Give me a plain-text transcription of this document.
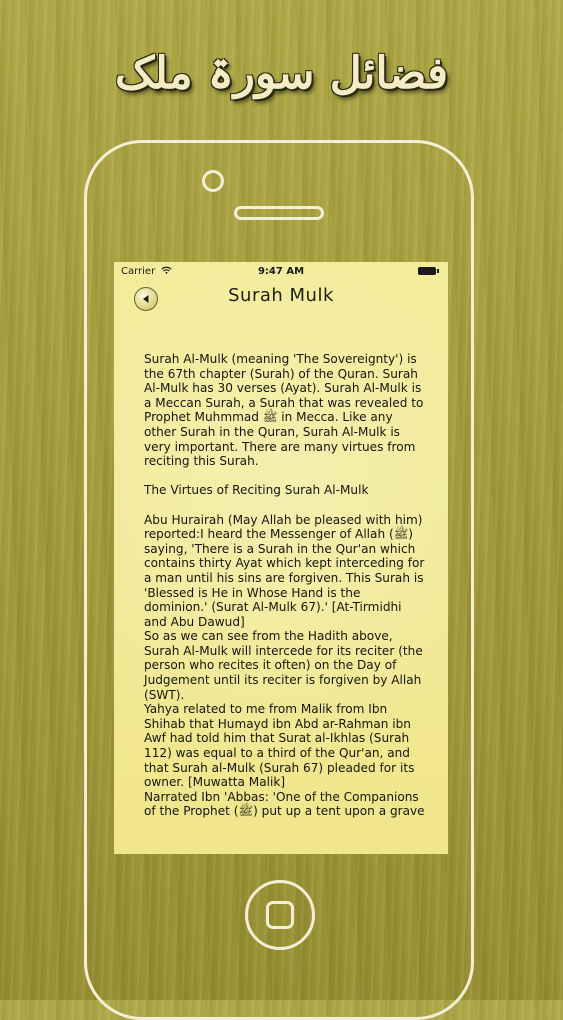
فضائل سورۃ ملک
Carrier	9:47 AM
Surah Mulk

Surah Al-Mulk (meaning 'The Sovereignty') is the 67th chapter (Surah) of the Quran. Surah Al-Mulk has 30 verses (Ayat). Surah Al-Mulk is a Meccan Surah, a Surah that was revealed to Prophet Muhmmad ﷺ in Mecca. Like any other Surah in the Quran, Surah Al-Mulk is very important. There are many virtues from reciting this Surah.

The Virtues of Reciting Surah Al-Mulk

Abu Hurairah (May Allah be pleased with him) reported:I heard the Messenger of Allah (ﷺ) saying, 'There is a Surah in the Qur'an which contains thirty Ayat which kept interceding for a man until his sins are forgiven. This Surah is 'Blessed is He in Whose Hand is the dominion.' (Surat Al-Mulk 67).' [At-Tirmidhi and Abu Dawud]

So as we can see from the Hadith above, Surah Al-Mulk will intercede for its reciter (the person who recites it often) on the Day of Judgement until its reciter is forgiven by Allah (SWT).

Yahya related to me from Malik from Ibn Shihab that Humayd ibn Abd ar-Rahman ibn Awf had told him that Surat al-Ikhlas (Surah 112) was equal to a third of the Qur'an, and that Surah al-Mulk (Surah 67) pleaded for its owner. [Muwatta Malik]

Narrated Ibn 'Abbas: 'One of the Companions of the Prophet (ﷺ) put up a tent upon a grave
